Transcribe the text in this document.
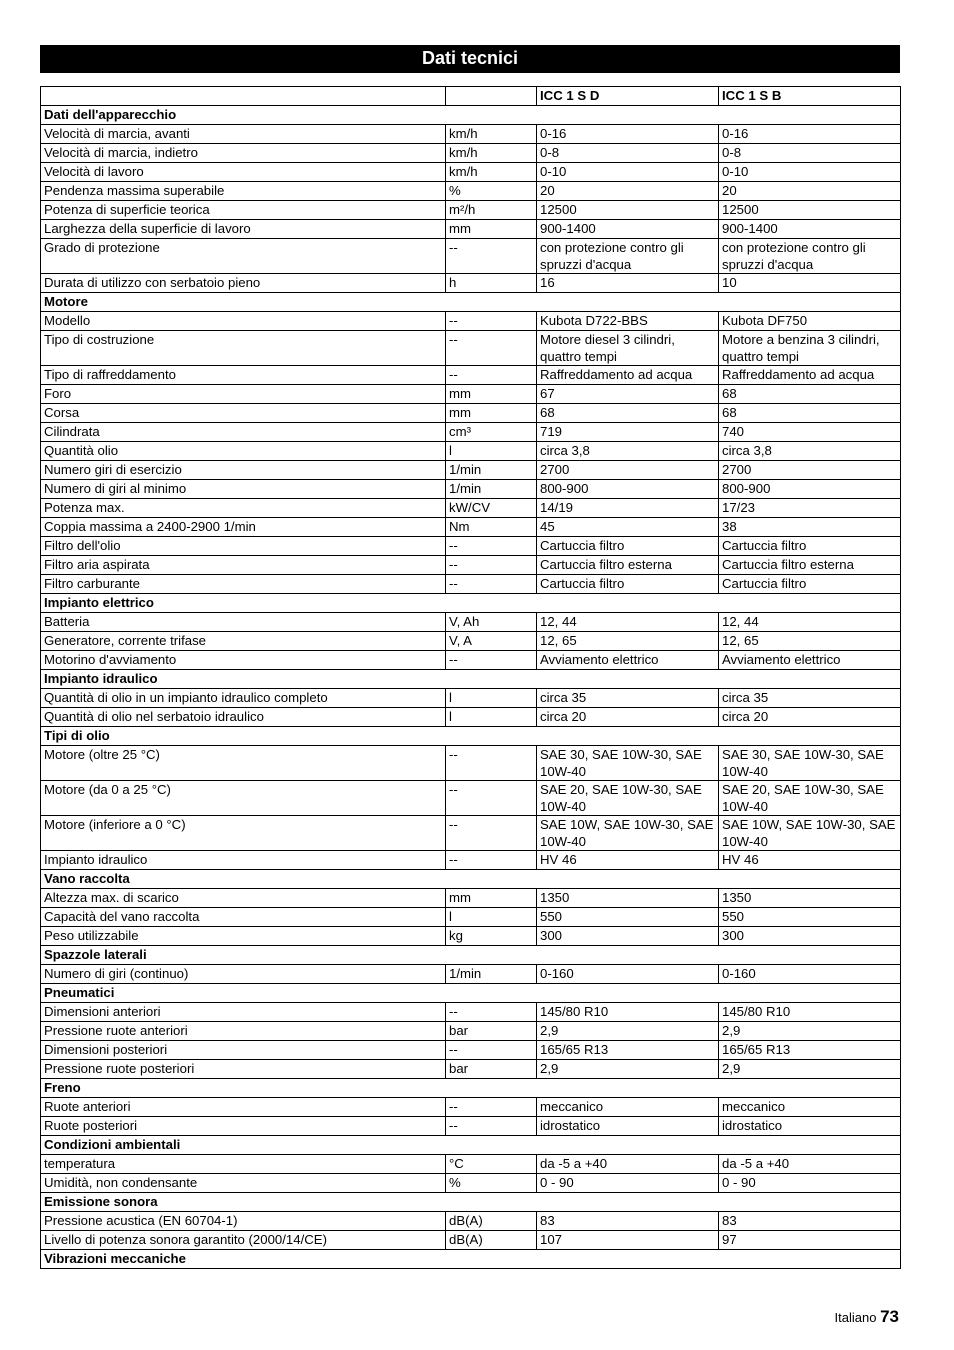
Dati tecnici
		ICC 1 S D	ICC 1 S B
Dati dell'apparecchio			
Velocità di marcia, avanti	km/h	0-16	0-16
Velocità di marcia, indietro	km/h	0-8	0-8
Velocità di lavoro	km/h	0-10	0-10
Pendenza massima superabile	%	20	20
Potenza di superficie teorica	m²/h	12500	12500
Larghezza della superficie di lavoro	mm	900-1400	900-1400
Grado di protezione	--	con protezione contro gli spruzzi d'acqua	con protezione contro gli spruzzi d'acqua
Durata di utilizzo con serbatoio pieno	h	16	10
Motore			
Modello	--	Kubota D722-BBS	Kubota DF750
Tipo di costruzione	--	Motore diesel 3 cilindri, quattro tempi	Motore a benzina 3 cilindri, quattro tempi
Tipo di raffreddamento	--	Raffreddamento ad acqua	Raffreddamento ad acqua
Foro	mm	67	68
Corsa	mm	68	68
Cilindrata	cm³	719	740
Quantità olio	l	circa 3,8	circa 3,8
Numero giri di esercizio	1/min	2700	2700
Numero di giri al minimo	1/min	800-900	800-900
Potenza max.	kW/CV	14/19	17/23
Coppia massima a 2400-2900 1/min	Nm	45	38
Filtro dell'olio	--	Cartuccia filtro	Cartuccia filtro
Filtro aria aspirata	--	Cartuccia filtro esterna	Cartuccia filtro esterna
Filtro carburante	--	Cartuccia filtro	Cartuccia filtro
Impianto elettrico			
Batteria	V, Ah	12, 44	12, 44
Generatore, corrente trifase	V, A	12, 65	12, 65
Motorino d'avviamento	--	Avviamento elettrico	Avviamento elettrico
Impianto idraulico			
Quantità di olio in un impianto idraulico completo	l	circa 35	circa 35
Quantità di olio nel serbatoio idraulico	l	circa 20	circa 20
Tipi di olio			
Motore (oltre 25 °C)	--	SAE 30, SAE 10W-30, SAE 10W-40	SAE 30, SAE 10W-30, SAE 10W-40
Motore (da 0 a 25 °C)	--	SAE 20, SAE 10W-30, SAE 10W-40	SAE 20, SAE 10W-30, SAE 10W-40
Motore (inferiore a 0 °C)	--	SAE 10W, SAE 10W-30, SAE 10W-40	SAE 10W, SAE 10W-30, SAE 10W-40
Impianto idraulico	--	HV 46	HV 46
Vano raccolta			
Altezza max. di scarico	mm	1350	1350
Capacità del vano raccolta	l	550	550
Peso utilizzabile	kg	300	300
Spazzole laterali			
Numero di giri (continuo)	1/min	0-160	0-160
Pneumatici			
Dimensioni anteriori	--	145/80 R10	145/80 R10
Pressione ruote anteriori	bar	2,9	2,9
Dimensioni posteriori	--	165/65 R13	165/65 R13
Pressione ruote posteriori	bar	2,9	2,9
Freno			
Ruote anteriori	--	meccanico	meccanico
Ruote posteriori	--	idrostatico	idrostatico
Condizioni ambientali			
temperatura	°C	da -5 a +40	da -5 a +40
Umidità, non condensante	%	0 - 90	0 - 90
Emissione sonora			
Pressione acustica (EN 60704-1)	dB(A)	83	83
Livello di potenza sonora garantito (2000/14/CE)	dB(A)	107	97
Vibrazioni meccaniche			
Italiano 73
